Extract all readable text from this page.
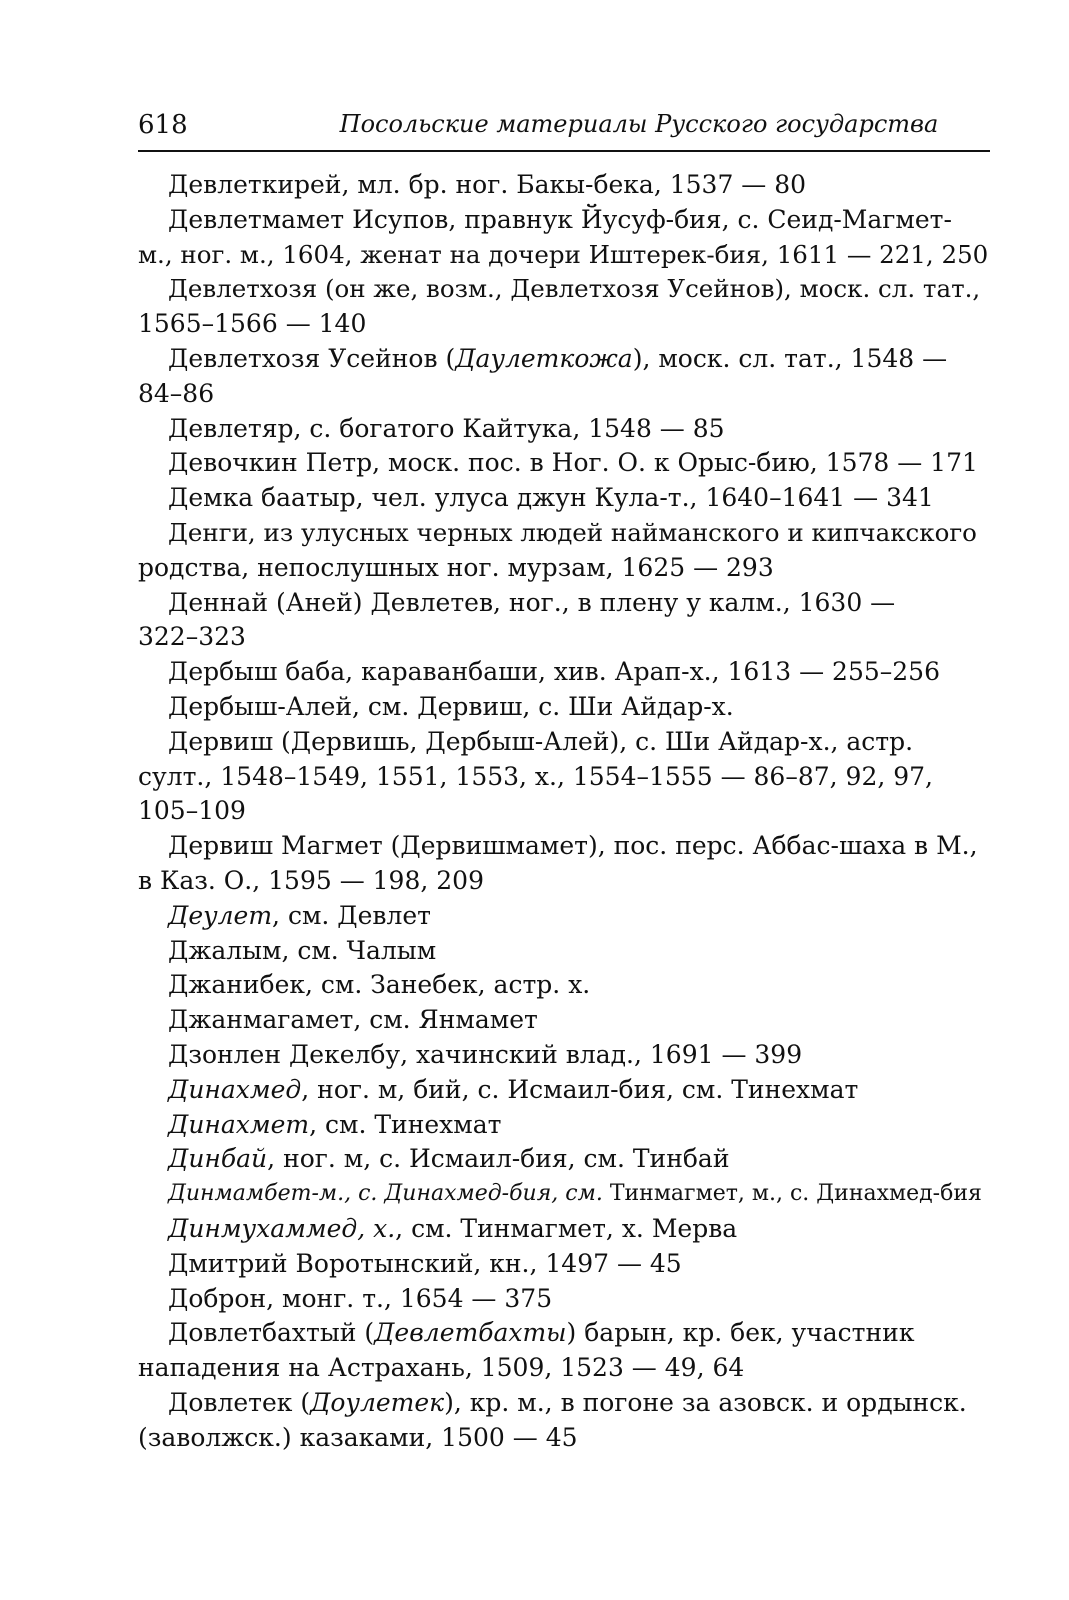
618	Посольские материалы Русского государства
Девлеткирей, мл. бр. ног. Бакы-бека, 1537 — 80
Девлетмамет Исупов, правнук Йусуф-бия, с. Сеид-Магмет-
м., ног. м., 1604, женат на дочери Иштерек-бия, 1611 — 221, 250
Девлетхозя (он же, возм., Девлетхозя Усейнов), моск. сл. тат.,
1565–1566 — 140
Девлетхозя Усейнов (Даулеткожа), моск. сл. тат., 1548 —
84–86
Девлетяр, с. богатого Кайтука, 1548 — 85
Девочкин Петр, моск. пос. в Ног. О. к Орыс-бию, 1578 — 171
Демка баатыр, чел. улуса джун Кула-т., 1640–1641 — 341
Денги, из улусных черных людей найманского и кипчакского
родства, непослушных ног. мурзам, 1625 — 293
Деннай (Аней) Девлетев, ног., в плену у калм., 1630 —
322–323
Дербыш баба, караванбаши, хив. Арап-х., 1613 — 255–256
Дербыш-Алей, см. Дервиш, с. Ши Айдар-х.
Дервиш (Дервишь, Дербыш-Алей), с. Ши Айдар-х., астр.
султ., 1548–1549, 1551, 1553, х., 1554–1555 — 86–87, 92, 97,
105–109
Дервиш Магмет (Дервишмамет), пос. перс. Аббас-шаха в М.,
в Каз. О., 1595 — 198, 209
Деулет, см. Девлет
Джалым, см. Чалым
Джанибек, см. Занебек, астр. х.
Джанмагамет, см. Янмамет
Дзонлен Декелбу, хачинский влад., 1691 — 399
Динахмед, ног. м, бий, с. Исмаил-бия, см. Тинехмат
Динахмет, см. Тинехмат
Динбай, ног. м, с. Исмаил-бия, см. Тинбай
Динмамбет-м., с. Динахмед-бия, см. Тинмагмет, м., с. Динахмед-бия
Динмухаммед, х., см. Тинмагмет, х. Мерва
Дмитрий Воротынский, кн., 1497 — 45
Доброн, монг. т., 1654 — 375
Довлетбахтый (Девлетбахты) барын, кр. бек, участник
нападения на Астрахань, 1509, 1523 — 49, 64
Довлетек (Доулетек), кр. м., в погоне за азовск. и ордынск.
(заволжск.) казаками, 1500 — 45
